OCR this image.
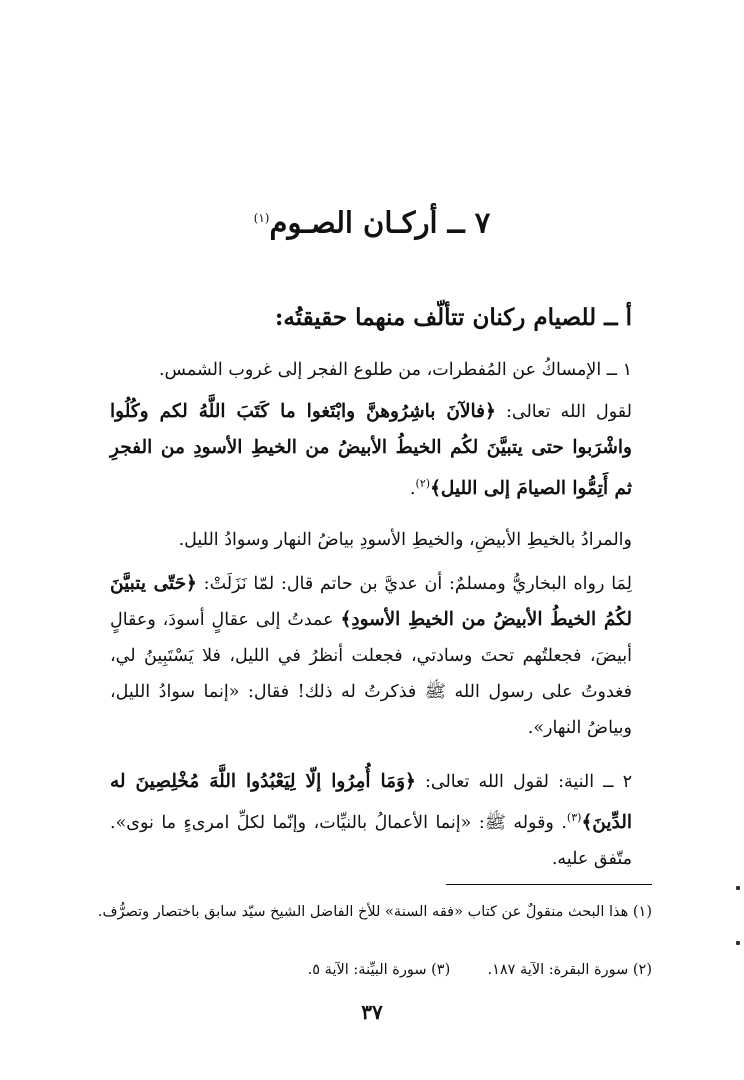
٧ ــ أركـان الصـوم$^{(١)}$
أ ــ للصيام ركنان تتألّف منهما حقيقتُه:
١ ــ الإمساكُ عن المُفطرات، من طلوع الفجر إلى غروب الشمس.
لقول الله تعالى: ﴿فالآنَ باشِرُوهنَّ وابْتَغوا ما كَتَبَ اللَّهُ لكم وكُلُوا واشْرَبوا حتى يتبيَّنَ لكُم الخيطُ الأبيضُ من الخيطِ الأسودِ من الفجرِ ثم أَتِمُّوا الصيامَ إلى الليل﴾$^{(٢)}$.
والمرادُ بالخيطِ الأبيضِ، والخيطِ الأسودِ بياضُ النهار وسوادُ الليل.
لِمَا رواه البخاريُّ ومسلمٌ: أن عديَّ بن حاتم قال: لمّا نَزَلَتْ: ﴿حَتّى يتبيَّنَ لكُمُ الخيطُ الأبيضُ من الخيطِ الأسودِ﴾ عمدتُ إلى عقالٍ أسودَ، وعقالٍ أبيضَ، فجعلتُهم تحتَ وسادتي، فجعلت أنظرُ في الليل، فلا يَسْتَبِينُ لي، فغدوتُ على رسول الله ﷺ فذكرتُ له ذلك! فقال: «إنما سوادُ الليل، وبياضُ النهار».
٢ ــ النية: لقول الله تعالى: ﴿وَمَا أُمِرُوا إلّا لِيَعْبُدُوا اللَّهَ مُخْلِصِينَ له الدِّينَ﴾$^{(٣)}$. وقوله ﷺ: «إنما الأعمالُ بالنيِّات، وإنّما لكلِّ امرىءٍ ما نوى». متّفق عليه.
(١) هذا البحث منقولٌ عن كتاب «فقه السنة» للأخ الفاضل الشيخ سيّد سابق باختصار وتصرُّف.
(٢) سورة البقرة: الآية ١٨٧.  (٣) سورة البيِّنة: الآية ٥.
٣٧
